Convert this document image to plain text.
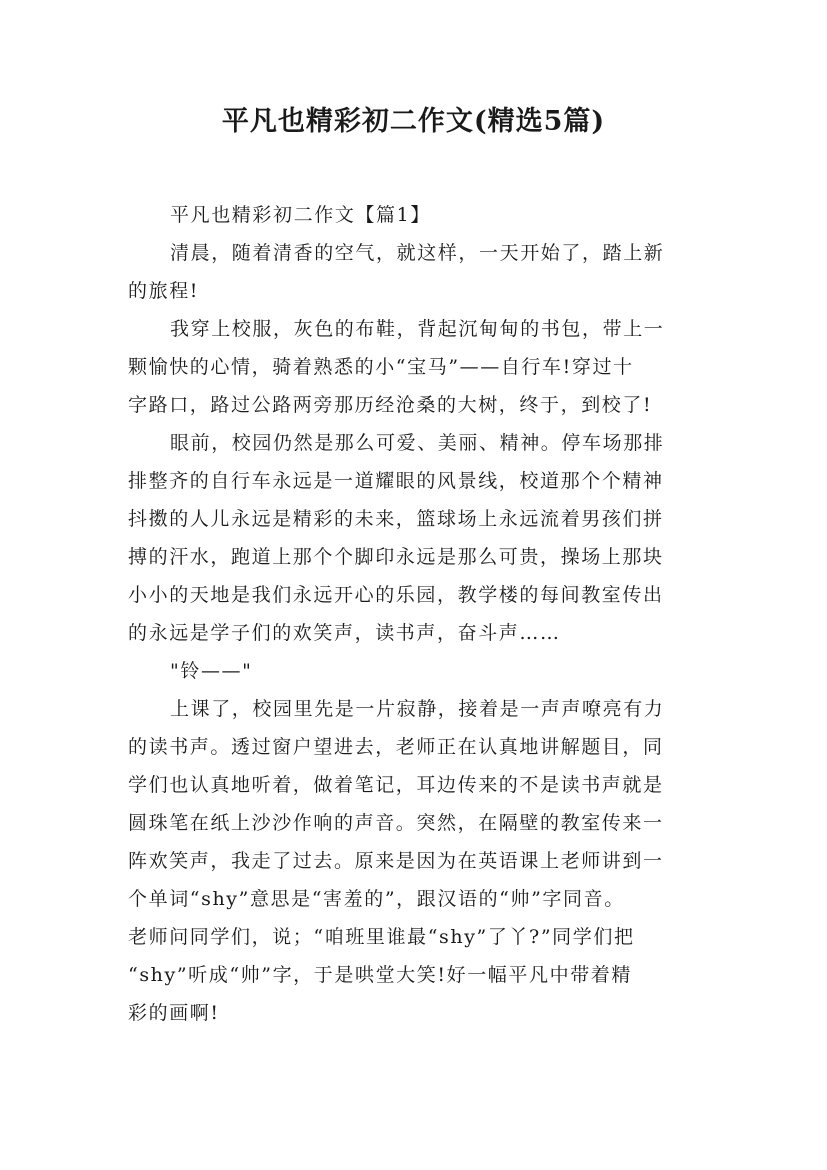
平凡也精彩初二作文(精选5篇)

平凡也精彩初二作文【篇1】

清晨，随着清香的空气，就这样，一天开始了，踏上新

的旅程!

我穿上校服，灰色的布鞋，背起沉甸甸的书包，带上一

颗愉快的心情，骑着熟悉的小“宝马”——自行车!穿过十

字路口，路过公路两旁那历经沧桑的大树，终于，到校了!

眼前，校园仍然是那么可爱、美丽、精神。停车场那排

排整齐的自行车永远是一道耀眼的风景线，校道那个个精神

抖擞的人儿永远是精彩的未来，篮球场上永远流着男孩们拼

搏的汗水，跑道上那个个脚印永远是那么可贵，操场上那块

小小的天地是我们永远开心的乐园，教学楼的每间教室传出

的永远是学子们的欢笑声，读书声，奋斗声……

"铃——"

上课了，校园里先是一片寂静，接着是一声声嘹亮有力

的读书声。透过窗户望进去，老师正在认真地讲解题目，同

学们也认真地听着，做着笔记，耳边传来的不是读书声就是

圆珠笔在纸上沙沙作响的声音。突然，在隔壁的教室传来一

阵欢笑声，我走了过去。原来是因为在英语课上老师讲到一

个单词“shy”意思是“害羞的”，跟汉语的“帅”字同音。

老师问同学们，说；“咱班里谁最“shy”了丫?”同学们把

“shy”听成“帅”字，于是哄堂大笑!好一幅平凡中带着精

彩的画啊!
